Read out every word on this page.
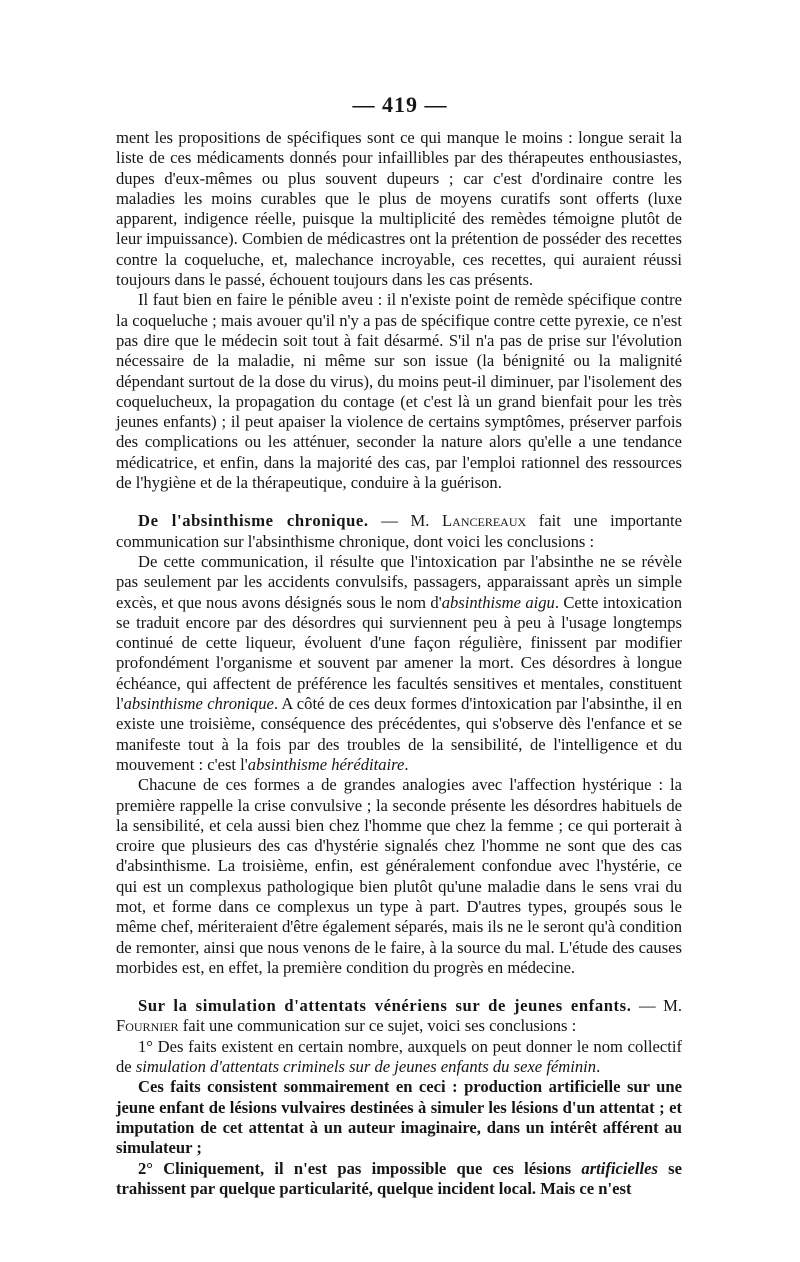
— 419 —

ment les propositions de spécifiques sont ce qui manque le moins : longue serait la liste de ces médicaments donnés pour infaillibles par des thérapeutes enthousiastes, dupes d'eux-mêmes ou plus souvent dupeurs ; car c'est d'ordinaire contre les maladies les moins curables que le plus de moyens curatifs sont offerts (luxe apparent, indigence réelle, puisque la multiplicité des remèdes témoigne plutôt de leur impuissance). Combien de médicastres ont la prétention de posséder des recettes contre la coqueluche, et, malechance incroyable, ces recettes, qui auraient réussi toujours dans le passé, échouent toujours dans les cas présents.

Il faut bien en faire le pénible aveu : il n'existe point de remède spécifique contre la coqueluche ; mais avouer qu'il n'y a pas de spécifique contre cette pyrexie, ce n'est pas dire que le médecin soit tout à fait désarmé. S'il n'a pas de prise sur l'évolution nécessaire de la maladie, ni même sur son issue (la bénignité ou la malignité dépendant surtout de la dose du virus), du moins peut-il diminuer, par l'isolement des coquelucheux, la propagation du contage (et c'est là un grand bienfait pour les très jeunes enfants) ; il peut apaiser la violence de certains symptômes, préserver parfois des complications ou les atténuer, seconder la nature alors qu'elle a une tendance médicatrice, et enfin, dans la majorité des cas, par l'emploi rationnel des ressources de l'hygiène et de la thérapeutique, conduire à la guérison.

De l'absinthisme chronique. — M. Lancereaux fait une importante communication sur l'absinthisme chronique, dont voici les conclusions :

De cette communication, il résulte que l'intoxication par l'absinthe ne se révèle pas seulement par les accidents convulsifs, passagers, apparaissant après un simple excès, et que nous avons désignés sous le nom d'absinthisme aigu. Cette intoxication se traduit encore par des désordres qui surviennent peu à peu à l'usage longtemps continué de cette liqueur, évoluent d'une façon régulière, finissent par modifier profondément l'organisme et souvent par amener la mort. Ces désordres à longue échéance, qui affectent de préférence les facultés sensitives et mentales, constituent l'absinthisme chronique. A côté de ces deux formes d'intoxication par l'absinthe, il en existe une troisième, conséquence des précédentes, qui s'observe dès l'enfance et se manifeste tout à la fois par des troubles de la sensibilité, de l'intelligence et du mouvement : c'est l'absinthisme héréditaire.

Chacune de ces formes a de grandes analogies avec l'affection hystérique : la première rappelle la crise convulsive ; la seconde présente les désordres habituels de la sensibilité, et cela aussi bien chez l'homme que chez la femme ; ce qui porterait à croire que plusieurs des cas d'hystérie signalés chez l'homme ne sont que des cas d'absinthisme. La troisième, enfin, est généralement confondue avec l'hystérie, ce qui est un complexus pathologique bien plutôt qu'une maladie dans le sens vrai du mot, et forme dans ce complexus un type à part. D'autres types, groupés sous le même chef, mériteraient d'être également séparés, mais ils ne le seront qu'à condition de remonter, ainsi que nous venons de le faire, à la source du mal. L'étude des causes morbides est, en effet, la première condition du progrès en médecine.

Sur la simulation d'attentats vénériens sur de jeunes enfants. — M. Fournier fait une communication sur ce sujet, voici ses conclusions :

1° Des faits existent en certain nombre, auxquels on peut donner le nom collectif de simulation d'attentats criminels sur de jeunes enfants du sexe féminin.

Ces faits consistent sommairement en ceci : production artificielle sur une jeune enfant de lésions vulvaires destinées à simuler les lésions d'un attentat ; et imputation de cet attentat à un auteur imaginaire, dans un intérêt afférent au simulateur ;

2° Cliniquement, il n'est pas impossible que ces lésions artificielles se trahissent par quelque particularité, quelque incident local. Mais ce n'est
